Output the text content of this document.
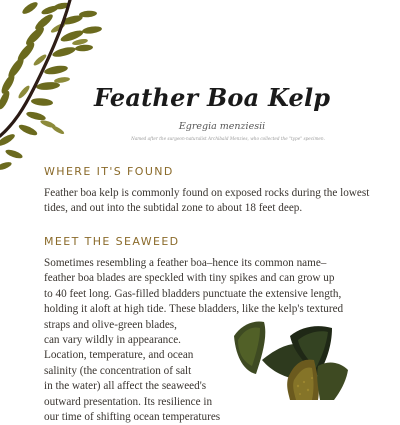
Feather Boa Kelp
Egregia menziesii
Named after the surgeon-naturalist Archibald Menzies, who collected the "type" specimen.
WHERE IT'S FOUND

Feather boa kelp is commonly found on exposed rocks during the lowest tides, and out into the subtidal zone to about 18 feet deep.

MEET THE SEAWEED

Sometimes resembling a feather boa–hence its common name–
feather boa blades are speckled with tiny spikes and can grow up
to 40 feet long. Gas-filled bladders punctuate the extensive length,
holding it aloft at high tide. These bladders, like the kelp's textured
straps and olive-green blades,
can vary wildly in appearance.
Location, temperature, and ocean
salinity (the concentration of salt
in the water) all affect the seaweed's
outward presentation. Its resilience in
our time of shifting ocean temperatures
